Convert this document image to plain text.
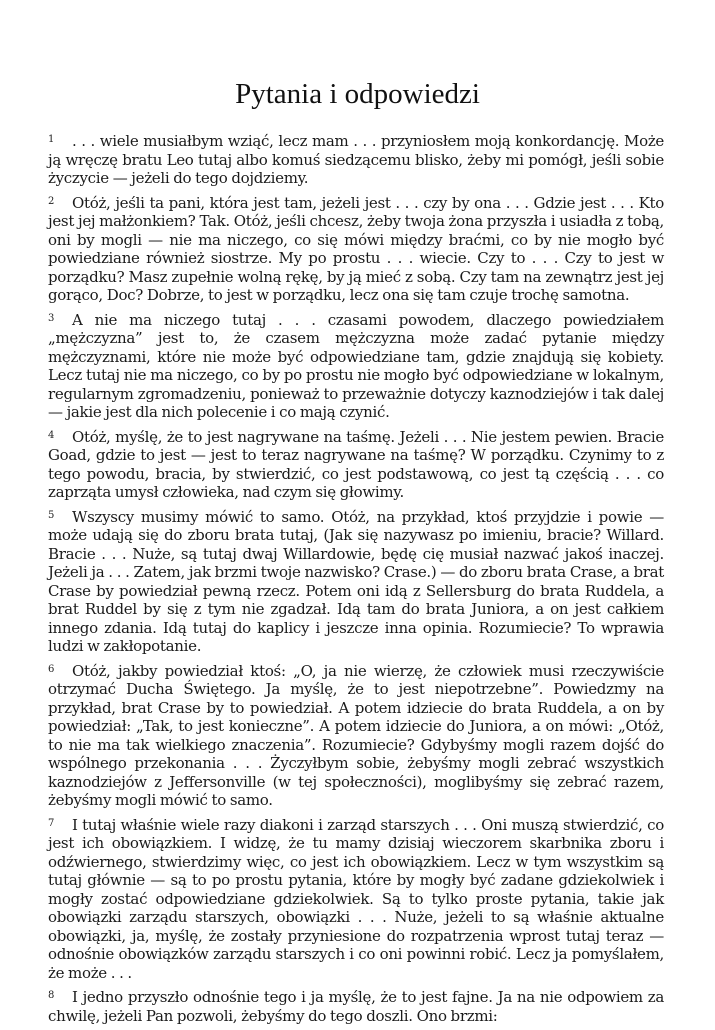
Pytania i odpowiedzi

1 . . . wiele musiałbym wziąć, lecz mam . . . przyniosłem moją konkordancję. Może ją wręczę bratu Leo tutaj albo komuś siedzącemu blisko, żeby mi pomógł, jeśli sobie życzycie — jeżeli do tego dojdziemy.

2 Otóż, jeśli ta pani, która jest tam, jeżeli jest . . . czy by ona . . . Gdzie jest . . . Kto jest jej małżonkiem? Tak. Otóż, jeśli chcesz, żeby twoja żona przyszła i usiadła z tobą, oni by mogli — nie ma niczego, co się mówi między braćmi, co by nie mogło być powiedziane również siostrze. My po prostu . . . wiecie. Czy to . . . Czy to jest w porządku? Masz zupełnie wolną rękę, by ją mieć z sobą. Czy tam na zewnątrz jest jej gorąco, Doc? Dobrze, to jest w porządku, lecz ona się tam czuje trochę samotna.

3 A nie ma niczego tutaj . . . czasami powodem, dlaczego powiedziałem „mężczyzna” jest to, że czasem mężczyzna może zadać pytanie między mężczyznami, które nie może być odpowiedziane tam, gdzie znajdują się kobiety. Lecz tutaj nie ma niczego, co by po prostu nie mogło być odpowiedziane w lokalnym, regularnym zgromadzeniu, ponieważ to przeważnie dotyczy kaznodziejów i tak dalej — jakie jest dla nich polecenie i co mają czynić.

4 Otóż, myślę, że to jest nagrywane na taśmę. Jeżeli . . . Nie jestem pewien. Bracie Goad, gdzie to jest — jest to teraz nagrywane na taśmę? W porządku. Czynimy to z tego powodu, bracia, by stwierdzić, co jest podstawową, co jest tą częścią . . . co zaprząta umysł człowieka, nad czym się głowimy.

5 Wszyscy musimy mówić to samo. Otóż, na przykład, ktoś przyjdzie i powie — może udają się do zboru brata tutaj, (Jak się nazywasz po imieniu, bracie? Willard. Bracie . . . Nuże, są tutaj dwaj Willardowie, będę cię musiał nazwać jakoś inaczej. Jeżeli ja . . . Zatem, jak brzmi twoje nazwisko? Crase.) — do zboru brata Crase, a brat Crase by powiedział pewną rzecz. Potem oni idą z Sellersburg do brata Ruddela, a brat Ruddel by się z tym nie zgadzał. Idą tam do brata Juniora, a on jest całkiem innego zdania. Idą tutaj do kaplicy i jeszcze inna opinia. Rozumiecie? To wprawia ludzi w zakłopotanie.

6 Otóż, jakby powiedział ktoś: „O, ja nie wierzę, że człowiek musi rzeczywiście otrzymać Ducha Świętego. Ja myślę, że to jest niepotrzebne”. Powiedzmy na przykład, brat Crase by to powiedział. A potem idziecie do brata Ruddela, a on by powiedział: „Tak, to jest konieczne”. A potem idziecie do Juniora, a on mówi: „Otóż, to nie ma tak wielkiego znaczenia”. Rozumiecie? Gdybyśmy mogli razem dojść do wspólnego przekonania . . . Życzyłbym sobie, żebyśmy mogli zebrać wszystkich kaznodziejów z Jeffersonville (w tej społeczności), moglibyśmy się zebrać razem, żebyśmy mogli mówić to samo.

7 I tutaj właśnie wiele razy diakoni i zarząd starszych . . . Oni muszą stwierdzić, co jest ich obowiązkiem. I widzę, że tu mamy dzisiaj wieczorem skarbnika zboru i odźwiernego, stwierdzimy więc, co jest ich obowiązkiem. Lecz w tym wszystkim są tutaj głównie — są to po prostu pytania, które by mogły być zadane gdziekolwiek i mogły zostać odpowiedziane gdziekolwiek. Są to tylko proste pytania, takie jak obowiązki zarządu starszych, obowiązki . . . Nuże, jeżeli to są właśnie aktualne obowiązki, ja, myślę, że zostały przyniesione do rozpatrzenia wprost tutaj teraz — odnośnie obowiązków zarządu starszych i co oni powinni robić. Lecz ja pomyślałem, że może . . .

8 I jedno przyszło odnośnie tego i ja myślę, że to jest fajne. Ja na nie odpowiem za chwilę, jeżeli Pan pozwoli, żebyśmy do tego doszli. Ono brzmi:
